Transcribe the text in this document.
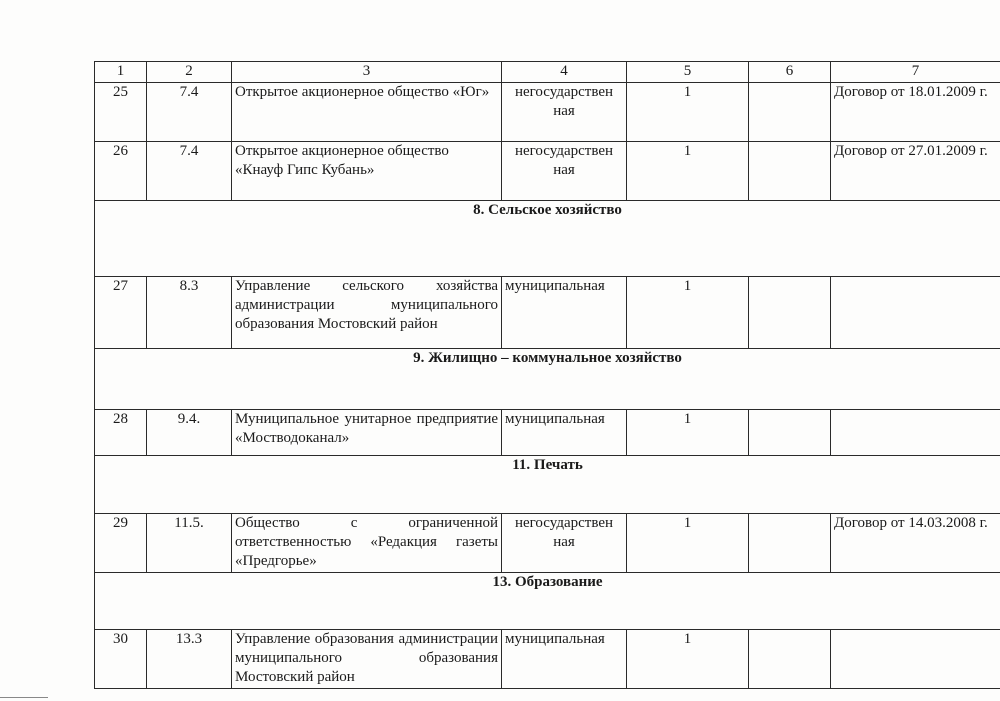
1	2	3	4	5	6	7
25	7.4	Открытое акционерное общество «Юг»	негосударствен ная	1		Договор от 18.01.2009 г.
26	7.4	Открытое акционерное общество «Кнауф Гипс Кубань»	негосударствен ная	1		Договор от 27.01.2009 г.
8. Сельское хозяйство						
27	8.3	Управление сельского хозяйства администрации муниципального образования Мостовский район	муниципальная	1		
9. Жилищно – коммунальное хозяйство						
28	9.4.	Муниципальное унитарное предприятие «Мостводоканал»	муниципальная	1		
11. Печать						
29	11.5.	Общество с ограниченной ответственностью «Редакция газеты «Предгорье»	негосударствен ная	1		Договор от 14.03.2008 г.
13. Образование						
30	13.3	Управление образования администрации муниципального образования Мостовский район	муниципальная	1		
